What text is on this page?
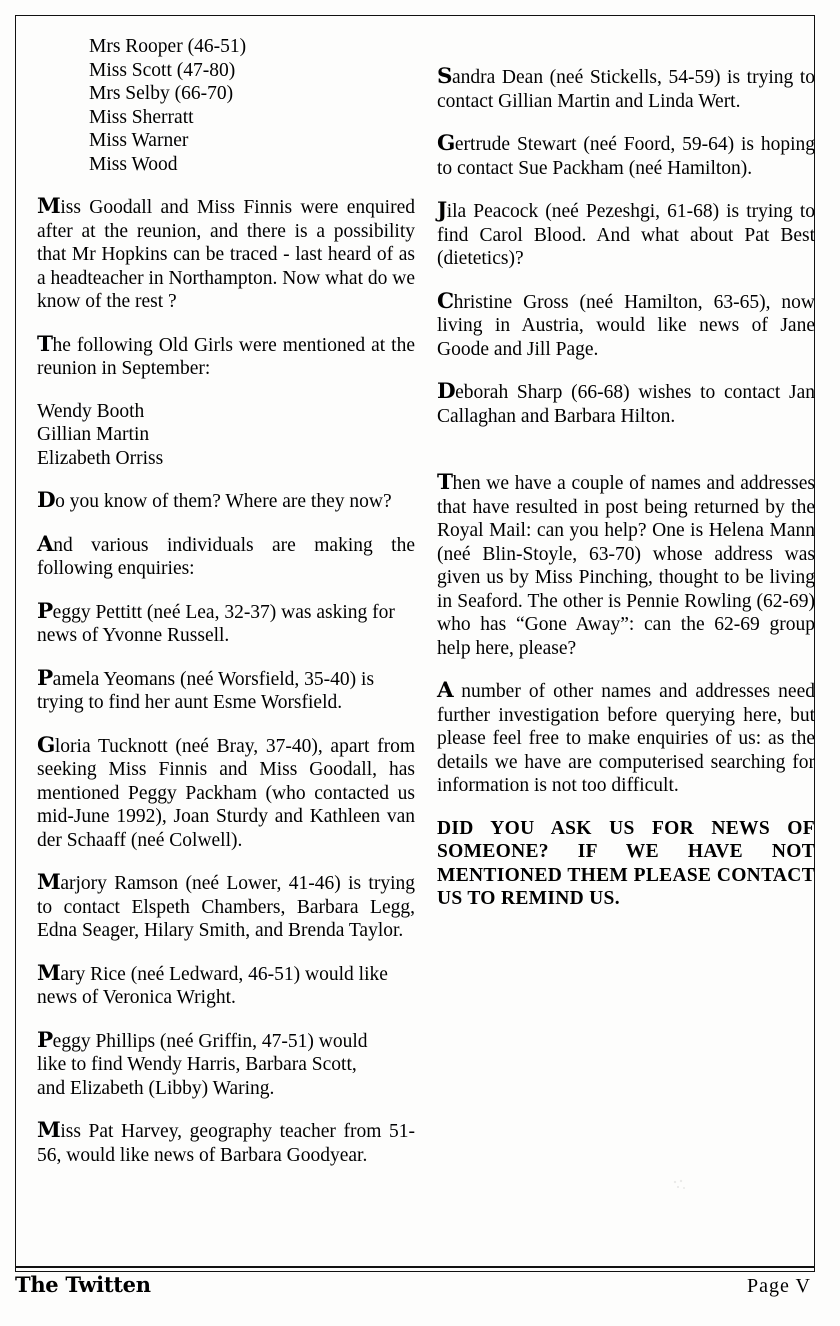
Mrs Rooper (46-51)
Miss Scott (47-80)
Mrs Selby (66-70)
Miss Sherratt
Miss Warner
Miss Wood

Miss Goodall and Miss Finnis were enquired after at the reunion, and there is a possibility that Mr Hopkins can be traced - last heard of as a headteacher in Northampton. Now what do we know of the rest ?

The following Old Girls were mentioned at the reunion in September:

Wendy Booth
Gillian Martin
Elizabeth Orriss

Do you know of them? Where are they now?

And various individuals are making the following enquiries:

Peggy Pettitt (neé Lea, 32-37) was asking for news of Yvonne Russell.

Pamela Yeomans (neé Worsfield, 35-40) is trying to find her aunt Esme Worsfield.

Gloria Tucknott (neé Bray, 37-40), apart from seeking Miss Finnis and Miss Goodall, has mentioned Peggy Packham (who contacted us mid-June 1992), Joan Sturdy and Kathleen van der Schaaff (neé Colwell).

Marjory Ramson (neé Lower, 41-46) is trying to contact Elspeth Chambers, Barbara Legg, Edna Seager, Hilary Smith, and Brenda Taylor.

Mary Rice (neé Ledward, 46-51) would like news of Veronica Wright.

Peggy Phillips (neé Griffin, 47-51) would
like to find Wendy Harris, Barbara Scott,
and Elizabeth (Libby) Waring.

Miss Pat Harvey, geography teacher from 51-56, would like news of Barbara Goodyear.

Sandra Dean (neé Stickells, 54-59) is trying to contact Gillian Martin and Linda Wert.

Gertrude Stewart (neé Foord, 59-64) is hoping to contact Sue Packham (neé Hamilton).

Jila Peacock (neé Pezeshgi, 61-68) is trying to find Carol Blood. And what about Pat Best (dietetics)?

Christine Gross (neé Hamilton, 63-65), now living in Austria, would like news of Jane Goode and Jill Page.

Deborah Sharp (66-68) wishes to contact Jan Callaghan and Barbara Hilton.

Then we have a couple of names and addresses that have resulted in post being returned by the Royal Mail: can you help? One is Helena Mann (neé Blin-Stoyle, 63-70) whose address was given us by Miss Pinching, thought to be living in Seaford. The other is Pennie Rowling (62-69) who has “Gone Away”: can the 62-69 group help here, please?

A number of other names and addresses need further investigation before querying here, but please feel free to make enquiries of us: as the details we have are computerised searching for information is not too difficult.

DID YOU ASK US FOR NEWS OF SOMEONE? IF WE HAVE NOT MENTIONED THEM PLEASE CONTACT US TO REMIND US.

The Twitten	Page V
